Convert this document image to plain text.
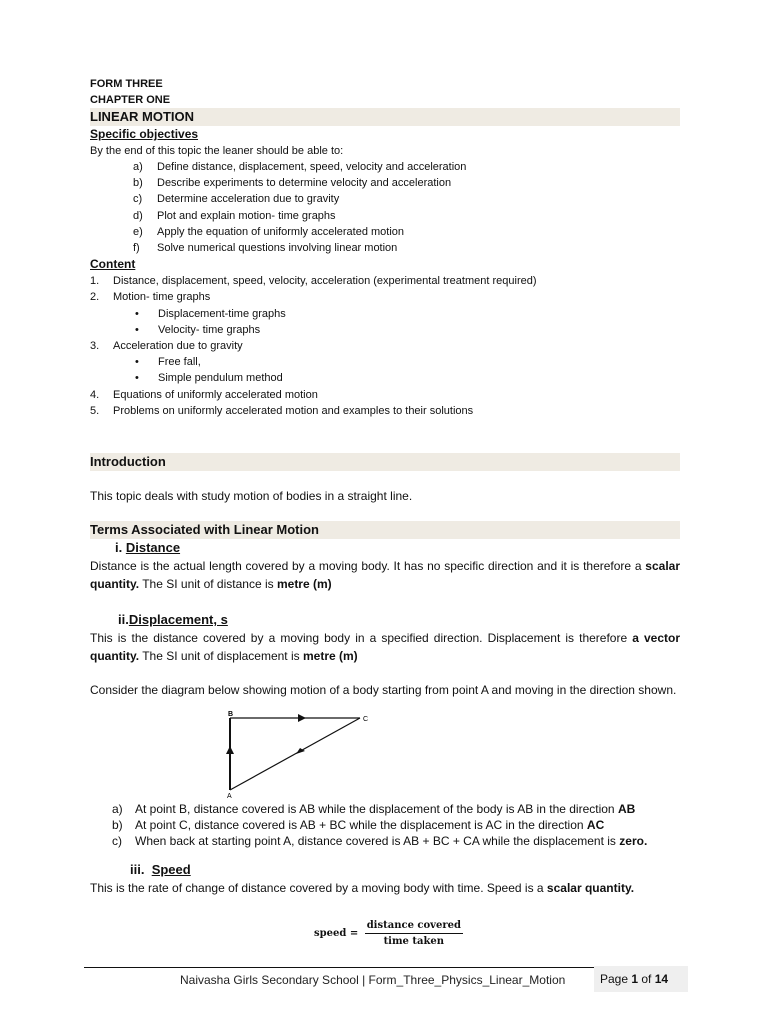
FORM THREE
CHAPTER ONE
LINEAR MOTION
Specific objectives
By the end of this topic the leaner should be able to:
a)	Define distance, displacement, speed, velocity and acceleration
b)	Describe experiments to determine velocity and acceleration
c)	Determine acceleration due to gravity
d)	Plot and explain motion- time graphs
e)	Apply the equation of uniformly accelerated motion
f)	Solve numerical questions involving linear motion
Content
1. Distance, displacement, speed, velocity, acceleration (experimental treatment required)
2. Motion- time graphs
• Displacement-time graphs
• Velocity- time graphs
3. Acceleration due to gravity
• Free fall,
• Simple pendulum method
4. Equations of uniformly accelerated motion
5. Problems on uniformly accelerated motion and examples to their solutions
Introduction

This topic deals with study motion of bodies in a straight line.

Terms Associated with Linear Motion
i. Distance

Distance is the actual length covered by a moving body. It has no specific direction and it is therefore a scalar quantity. The SI unit of distance is metre (m)

ii.Displacement, s

This is the distance covered by a moving body in a specified direction. Displacement is therefore a vector quantity. The SI unit of displacement is metre (m)

Consider the diagram below showing motion of a body starting from point A and moving in the direction shown.

a) At point B, distance covered is AB while the displacement of the body is AB in the direction AB
b) At point C, distance covered is AB + BC while the displacement is AC in the direction AC
c) When back at starting point A, distance covered is AB + BC + CA while the displacement is zero.
iii. Speed

This is the rate of change of distance covered by a moving body with time. Speed is a scalar quantity.

B
C
A
speed = $\frac{\text{distance covered}}{\text{time taken}}$
Naivasha Girls Secondary School | Form_Three_Physics_Linear_Motion	Page 1 of 14
